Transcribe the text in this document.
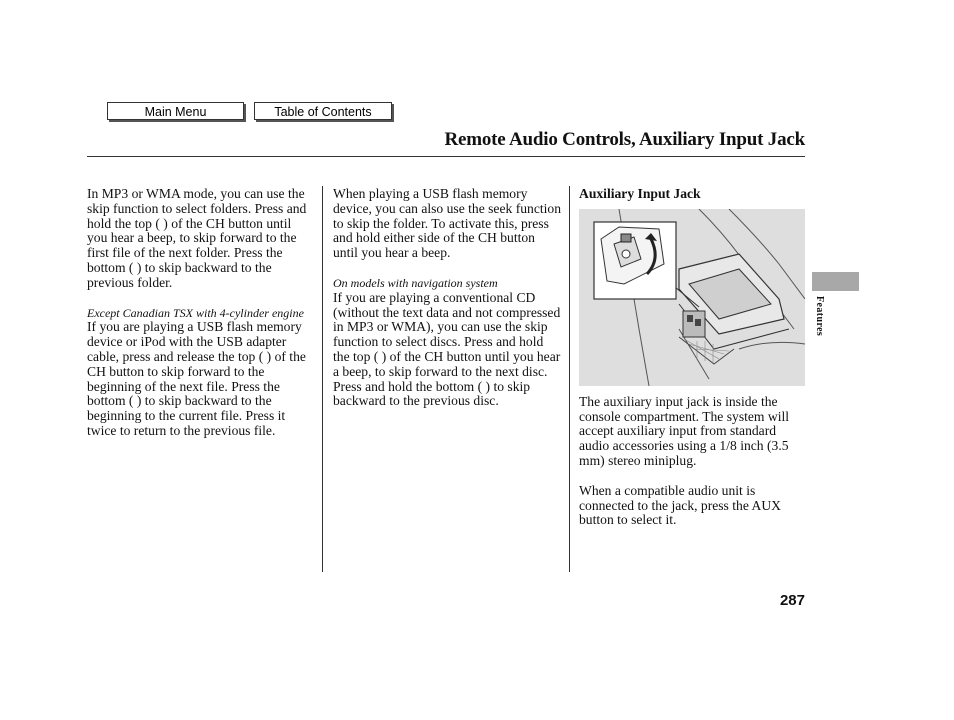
Main Menu	Table of Contents
Remote Audio Controls, Auxiliary Input Jack

In MP3 or WMA mode, you can use the skip function to select folders. Press and hold the top ( ) of the CH button until you hear a beep, to skip forward to the first file of the next folder. Press the bottom ( ) to skip backward to the previous folder.

Except Canadian TSX with 4-cylinder engine

If you are playing a USB flash memory device or iPod with the USB adapter cable, press and release the top ( ) of the CH button to skip forward to the beginning of the next file. Press the bottom ( ) to skip backward to the beginning to the current file. Press it twice to return to the previous file.

When playing a USB flash memory device, you can also use the seek function to skip the folder. To activate this, press and hold either side of the CH button until you hear a beep.

On models with navigation system

If you are playing a conventional CD (without the text data and not compressed in MP3 or WMA), you can use the skip function to select discs. Press and hold the top ( ) of the CH button until you hear a beep, to skip forward to the next disc. Press and hold the bottom ( ) to skip backward to the previous disc.

Auxiliary Input Jack

The auxiliary input jack is inside the console compartment. The system will accept auxiliary input from standard audio accessories using a 1/8 inch (3.5 mm) stereo miniplug.

When a compatible audio unit is connected to the jack, press the AUX button to select it.

Features
287
